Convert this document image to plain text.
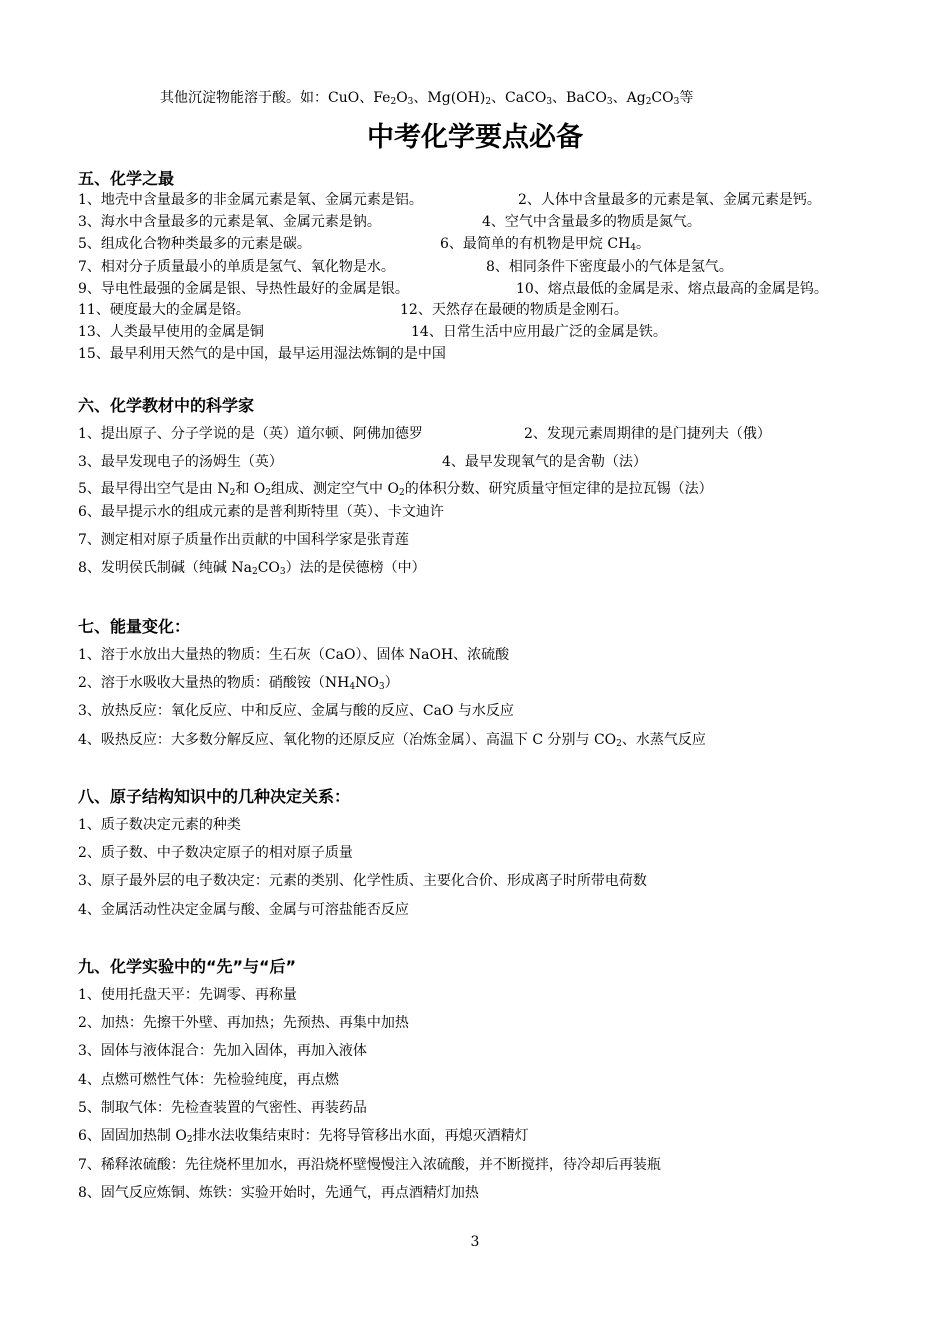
其他沉淀物能溶于酸。如：CuO、$Fe_2O_3$、$Mg(OH)_2$、CaCO$_3$、BaCO$_3$、$Ag_2CO_3$等
中考化学要点必备
五、化学之最
1、地壳中含量最多的非金属元素是氧、金属元素是铝。	2、人体中含量最多的元素是氧、金属元素是钙。
3、海水中含量最多的元素是氧、金属元素是钠。	4、空气中含量最多的物质是氮气。
5、组成化合物种类最多的元素是碳。	6、最简单的有机物是甲烷 $CH_4$。
7、相对分子质量最小的单质是氢气、氧化物是水。	8、相同条件下密度最小的气体是氢气。
9、导电性最强的金属是银、导热性最好的金属是银。	10、熔点最低的金属是汞、熔点最高的金属是钨。
11、硬度最大的金属是铬。	12、天然存在最硬的物质是金刚石。
13、人类最早使用的金属是铜	14、日常生活中应用最广泛的金属是铁。
15、最早利用天然气的是中国，最早运用湿法炼铜的是中国
六、化学教材中的科学家
1、提出原子、分子学说的是（英）道尔顿、阿佛加德罗	2、发现元素周期律的是门捷列夫（俄）
3、最早发现电子的汤姆生（英）	4、最早发现氧气的是舍勒（法）
5、最早得出空气是由 $N_2$和 $O_2$组成、测定空气中 $O_2$的体积分数、研究质量守恒定律的是拉瓦锡（法）
6、最早提示水的组成元素的是普利斯特里（英）、卡文迪许
7、测定相对原子质量作出贡献的中国科学家是张青莲
8、发明侯氏制碱（纯碱 $Na_2CO_3$）法的是侯德榜（中）
七、能量变化：
1、溶于水放出大量热的物质：生石灰（CaO）、固体 NaOH、浓硫酸
2、溶于水吸收大量热的物质：硝酸铵$(NH_4NO_3)$
3、放热反应：氧化反应、中和反应、金属与酸的反应、CaO 与水反应
4、吸热反应：大多数分解反应、氧化物的还原反应（冶炼金属）、高温下 C 分别与 $CO_2$、水蒸气反应
八、原子结构知识中的几种决定关系：
1、质子数决定元素的种类
2、质子数、中子数决定原子的相对原子质量
3、原子最外层的电子数决定：元素的类别、化学性质、主要化合价、形成离子时所带电荷数
4、金属活动性决定金属与酸、金属与可溶盐能否反应
九、化学实验中的“先”与“后”
1、使用托盘天平：先调零、再称量
2、加热：先擦干外壁、再加热；先预热、再集中加热
3、固体与液体混合：先加入固体，再加入液体
4、点燃可燃性气体：先检验纯度，再点燃
5、制取气体：先检查装置的气密性、再装药品
6、固固加热制 $O_2$排水法收集结束时：先将导管移出水面，再熄灭酒精灯
7、稀释浓硫酸：先往烧杯里加水，再沿烧杯壁慢慢注入浓硫酸，并不断搅拌，待冷却后再装瓶
8、固气反应炼铜、炼铁：实验开始时，先通气，再点酒精灯加热
3
